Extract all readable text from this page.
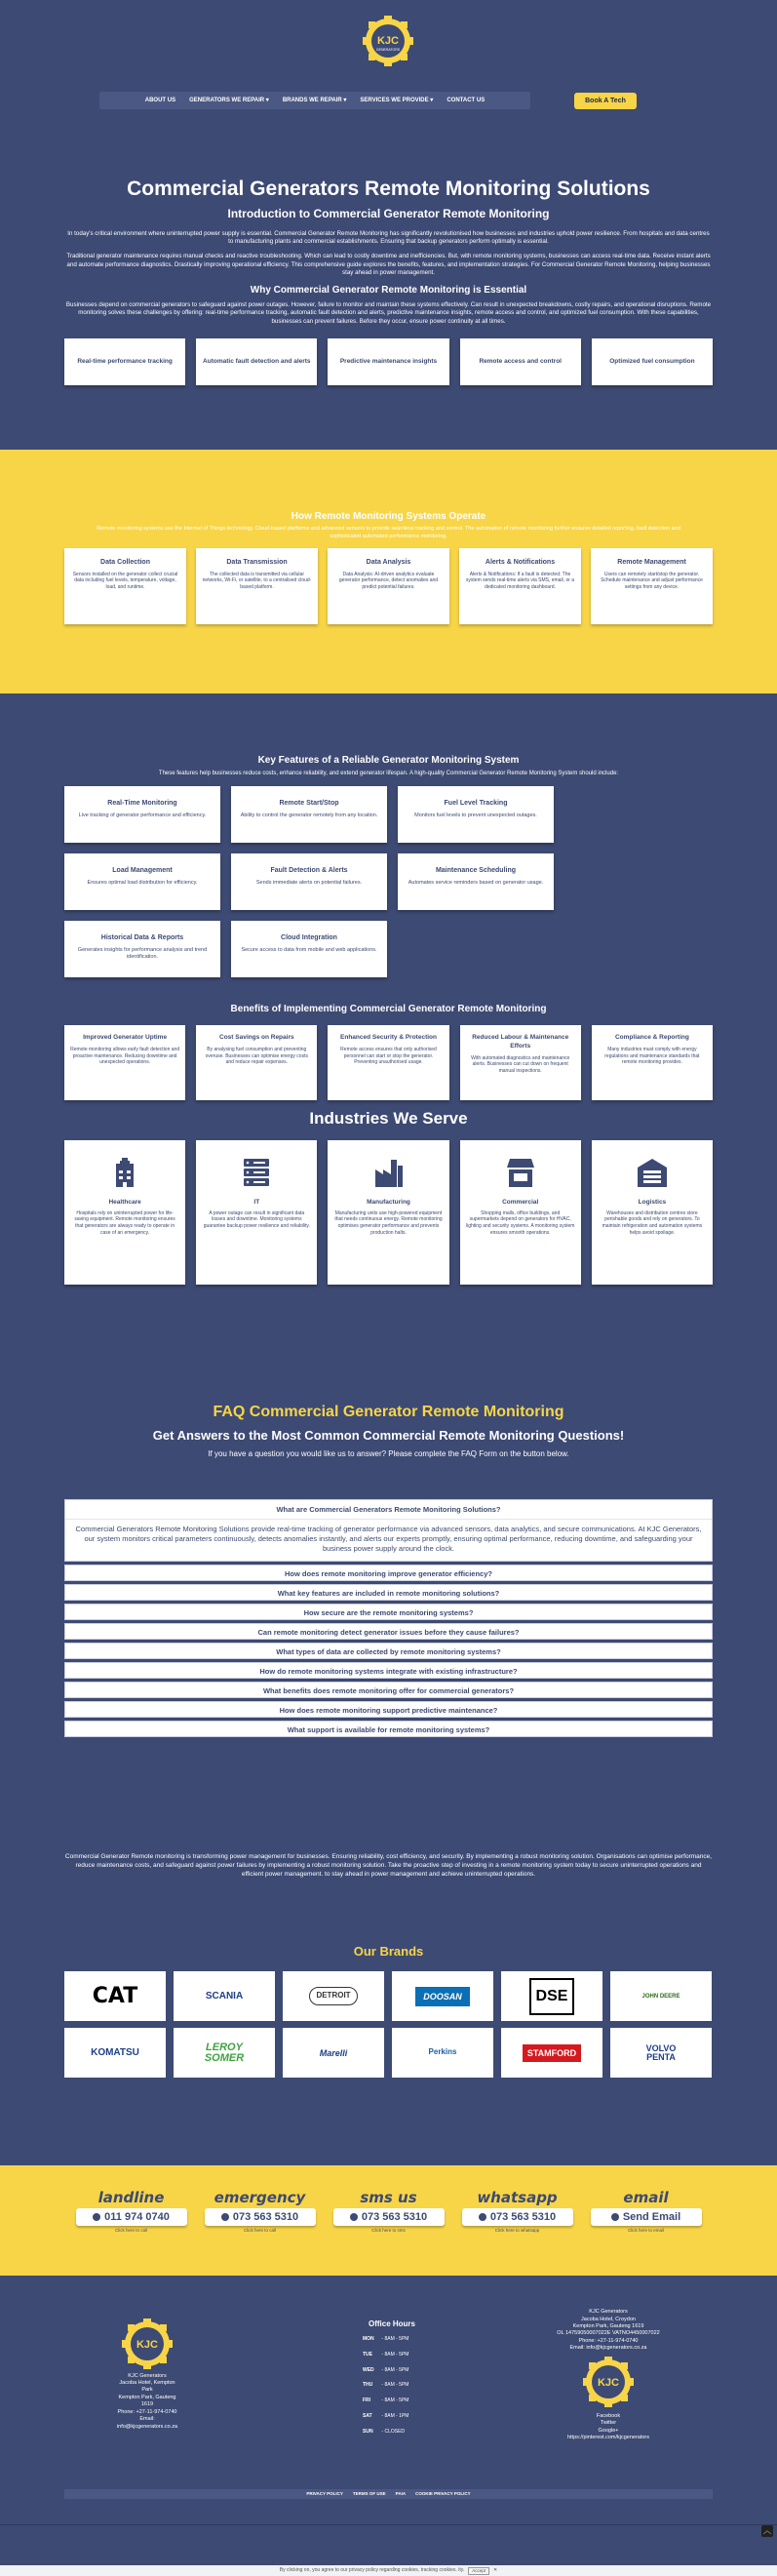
KJC
GENERATORS
ABOUT US GENERATORS WE REPAIR ▾ BRANDS WE REPAIR ▾ SERVICES WE PROVIDE ▾ CONTACT US	Book A Tech
Commercial Generators Remote Monitoring Solutions
Introduction to Commercial Generator Remote Monitoring

In today's critical environment where uninterrupted power supply is essential. Commercial Generator Remote Monitoring has significantly revolutionised how businesses and industries uphold power resilience. From hospitals and data centres to manufacturing plants and commercial establishments. Ensuring that backup generators perform optimally is essential.

Traditional generator maintenance requires manual checks and reactive troubleshooting. Which can lead to costly downtime and inefficiencies. But, with remote monitoring systems, businesses can access real-time data. Receive instant alerts and automate performance diagnostics. Drastically improving operational efficiency. This comprehensive guide explores the benefits, features, and implementation strategies. For Commercial Generator Remote Monitoring, helping businesses stay ahead in power management.

Why Commercial Generator Remote Monitoring is Essential

Businesses depend on commercial generators to safeguard against power outages. However, failure to monitor and maintain these systems effectively. Can result in unexpected breakdowns, costly repairs, and operational disruptions. Remote monitoring solves these challenges by offering: real-time performance tracking, automatic fault detection and alerts, predictive maintenance insights, remote access and control, and optimized fuel consumption. With these capabilities, businesses can prevent failures. Before they occur, ensure power continuity at all times.

Real-time performance tracking	Automatic fault detection and alerts	Predictive maintenance insights	Remote access and control	Optimized fuel consumption
How Remote Monitoring Systems Operate

Remote monitoring systems use the Internet of Things technology. Cloud-based platforms and advanced sensors to provide seamless tracking and control. The automation of remote monitoring further ensures detailed reporting, fault detection and sophisticated automated performance monitoring.

Data Collection
Sensors installed on the generator collect crucial data including fuel levels, temperature, voltage, load, and runtime.
Data Transmission
The collected data is transmitted via cellular networks, Wi-Fi, or satellite, to a centralised cloud-based platform.
Data Analysis
Data Analysis: AI-driven analytics evaluate generator performance, detect anomalies and predict potential failures.
Alerts & Notifications
Alerts & Notifications: If a fault is detected. The system sends real-time alerts via SMS, email, or a dedicated monitoring dashboard.
Remote Management
Users can remotely start/stop the generator. Schedule maintenance and adjust performance settings from any device.
Key Features of a Reliable Generator Monitoring System

These features help businesses reduce costs, enhance reliability, and extend generator lifespan. A high-quality Commercial Generator Remote Monitoring System should include:

Real-Time Monitoring
Live tracking of generator performance and efficiency.
Remote Start/Stop
Ability to control the generator remotely from any location.
Fuel Level Tracking
Monitors fuel levels to prevent unexpected outages.
Load Management
Ensures optimal load distribution for efficiency.
Fault Detection & Alerts
Sends immediate alerts on potential failures.
Maintenance Scheduling
Automates service reminders based on generator usage.
Historical Data & Reports
Generates insights for performance analysis and trend identification.
Cloud Integration
Secure access to data from mobile and web applications.
Benefits of Implementing Commercial Generator Remote Monitoring
Improved Generator Uptime
Remote monitoring allows early fault detection and proactive maintenance. Reducing downtime and unexpected operations.
Cost Savings on Repairs
By analysing fuel consumption and preventing overuse. Businesses can optimise energy costs and reduce repair expenses.
Enhanced Security & Protection
Remote access ensures that only authorised personnel can start or stop the generator. Preventing unauthorised usage.
Reduced Labour & Maintenance Efforts
With automated diagnostics and maintenance alerts. Businesses can cut down on frequent manual inspections.
Compliance & Reporting
Many industries must comply with energy regulations and maintenance standards that remote monitoring provides.
Industries We Serve
Healthcare
Hospitals rely on uninterrupted power for life-saving equipment. Remote monitoring ensures that generators are always ready to operate in case of an emergency.
IT
A power outage can result in significant data losses and downtime. Monitoring systems guarantee backup power resilience and reliability.
Manufacturing
Manufacturing units use high-powered equipment that needs continuous energy. Remote monitoring optimises generator performance and prevents production halts.
Commercial
Shopping malls, office buildings, and supermarkets depend on generators for HVAC, lighting and security systems. A monitoring system ensures smooth operations.
Logistics
Warehouses and distribution centres store perishable goods and rely on generators. To maintain refrigeration and automation systems helps avoid spoilage.
FAQ Commercial Generator Remote Monitoring
Get Answers to the Most Common Commercial Remote Monitoring Questions!

If you have a question you would like us to answer? Please complete the FAQ Form on the button below.

What are Commercial Generators Remote Monitoring Solutions?
Commercial Generators Remote Monitoring Solutions provide real-time tracking of generator performance via advanced sensors, data analytics, and secure communications. At KJC Generators, our system monitors critical parameters continuously, detects anomalies instantly, and alerts our experts promptly, ensuring optimal performance, reducing downtime, and safeguarding your business power supply around the clock.
How does remote monitoring improve generator efficiency?
What key features are included in remote monitoring solutions?
How secure are the remote monitoring systems?
Can remote monitoring detect generator issues before they cause failures?
What types of data are collected by remote monitoring systems?
How do remote monitoring systems integrate with existing infrastructure?
What benefits does remote monitoring offer for commercial generators?
How does remote monitoring support predictive maintenance?
What support is available for remote monitoring systems?

Commercial Generator Remote monitoring is transforming power management for businesses. Ensuring reliability, cost efficiency, and security. By implementing a robust monitoring solution. Organisations can optimise performance, reduce maintenance costs, and safeguard against power failures by implementing a robust monitoring solution. Take the proactive step of investing in a remote monitoring system today to secure uninterrupted operations and efficient power management. to stay ahead in power management and achieve uninterrupted operations.

Our Brands
CAT	SCANIA	DETROIT	DOOSAN	DSE	JOHN DEERE
KOMATSU	LEROY SOMER	Marelli	Perkins	STAMFORD	VOLVO PENTA
landline
011 974 0740
Click here to call
emergency
073 563 5310
Click here to call
sms us
073 563 5310
Click here to sms
whatsapp
073 563 5310
Click here to whatsapp
email
Send Email
Click here to email
KJC
KJC Generators
Jacoba Hotel, Kempton Park
Kempton Park, Gauteng 1619
Phone: +27-11-974-0740
Email: info@kjcgenerators.co.za
Office Hours
MON - 8AM - 5PM
TUE - 8AM - 5PM
WED - 8AM - 5PM
THU - 8AM - 5PM
FRI - 8AM - 5PM
SAT - 8AM - 1PM
SUN - CLOSED
KJC Generators
Jacoba Hotel, Croydon
Kempton Park, Gauteng 1619
OL 14759050007022E VATNO4450007022
Phone: +27-11-974-0740
Email: info@kjcgenerators.co.za
KJC
Facebook
Twitter
Google+
https://pinterest.com/kjcgenerators
PRIVACY POLICY TERMS OF USE PAIA COOKIE PRIVACY POLICY
︿
By clicking on, you agree to our privacy policy regarding cookies, tracking cookies. ity.	Accept	✕
